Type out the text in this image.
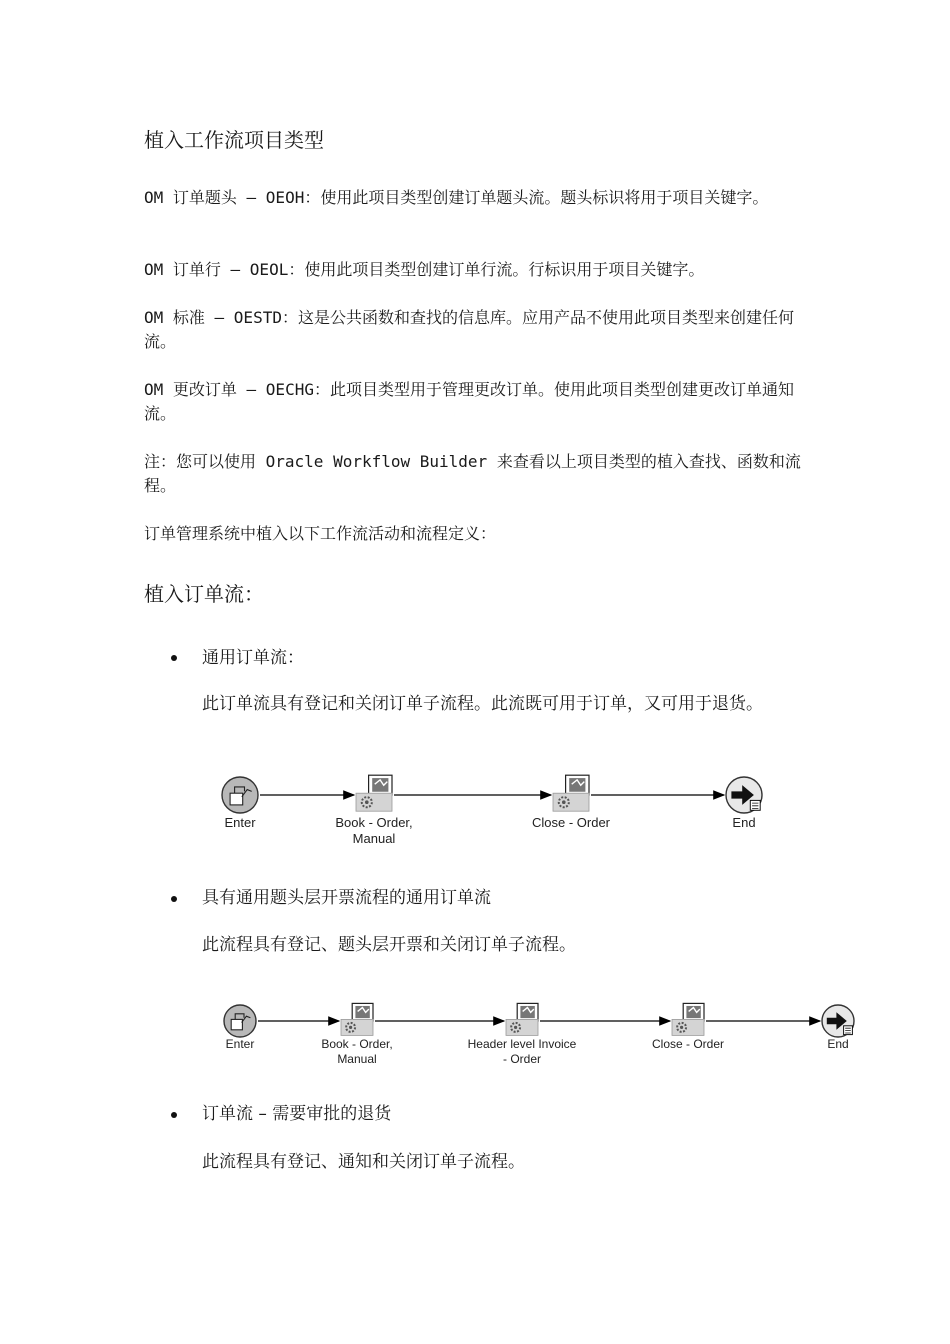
植入工作流项目类型

OM 订单题头 – OEOH：使用此项目类型创建订单题头流。题头标识将用于项目关键字。

OM 订单行 – OEOL：使用此项目类型创建订单行流。行标识用于项目关键字。

OM 标准 – OESTD：这是公共函数和查找的信息库。应用产品不使用此项目类型来创建任何流。

OM 更改订单 – OECHG：此项目类型用于管理更改订单。使用此项目类型创建更改订单通知流。

注：您可以使用 Oracle Workflow Builder 来查看以上项目类型的植入查找、函数和流程。

订单管理系统中植入以下工作流活动和流程定义：

植入订单流：
通用订单流：
此订单流具有登记和关闭订单子流程。此流既可用于订单，又可用于退货。
Enter	Book - Order,
Manual
Close - Order	End
具有通用题头层开票流程的通用订单流
此流程具有登记、题头层开票和关闭订单子流程。
Enter	Book - Order,
Manual
Header level Invoice
- Order
Close - Order	End
订单流 – 需要审批的退货
此流程具有登记、通知和关闭订单子流程。
